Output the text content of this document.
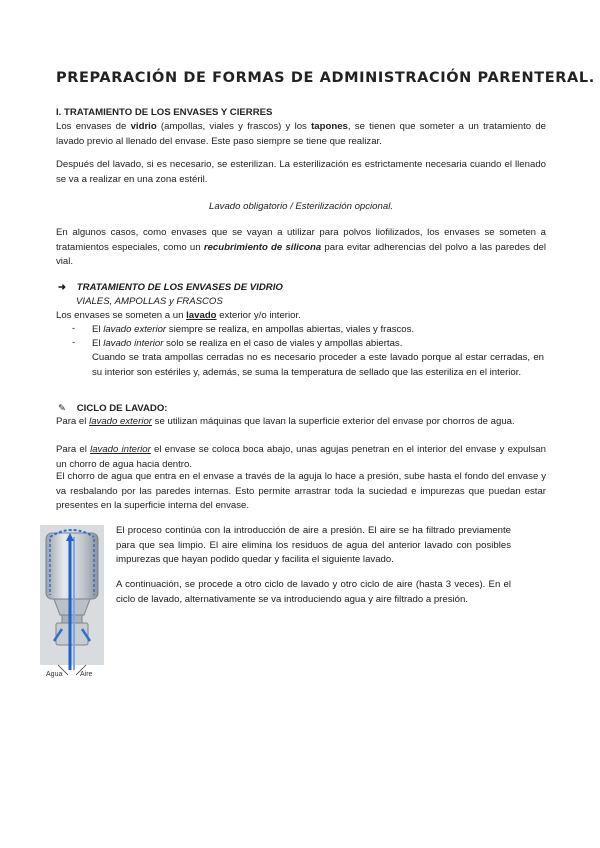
PREPARACIÓN DE FORMAS DE ADMINISTRACIÓN PARENTERAL.
I. TRATAMIENTO DE LOS ENVASES Y CIERRES
Los envases de vidrio (ampollas, viales y frascos) y los tapones, se tienen que someter a un tratamiento de lavado previo al llenado del envase. Este paso siempre se tiene que realizar.
Después del lavado, si es necesario, se esterilizan. La esterilización es estrictamente necesaria cuando el llenado se va a realizar en una zona estéril.
Lavado obligatorio / Esterilización opcional.
En algunos casos, como envases que se vayan a utilizar para polvos liofilizados, los envases se someten a tratamientos especiales, como un recubrimiento de silicona para evitar adherencias del polvo a las paredes del vial.
➜ TRATAMIENTO DE LOS ENVASES DE VIDRIO
VIALES, AMPOLLAS y FRASCOS
Los envases se someten a un lavado exterior y/o interior.
- El lavado exterior siempre se realiza, en ampollas abiertas, viales y frascos.
- El lavado interior solo se realiza en el caso de viales y ampollas abiertas.
Cuando se trata ampollas cerradas no es necesario proceder a este lavado porque al estar cerradas, en su interior son estériles y, además, se suma la temperatura de sellado que las esteriliza en el interior.
✎ CICLO DE LAVADO:
Para el lavado exterior se utilizan máquinas que lavan la superficie exterior del envase por chorros de agua.
Para el lavado interior el envase se coloca boca abajo, unas agujas penetran en el interior del envase y expulsan un chorro de agua hacia dentro.
El chorro de agua que entra en el envase a través de la aguja lo hace a presión, sube hasta el fondo del envase y va resbalando por las paredes internas. Esto permite arrastrar toda la suciedad e impurezas que puedan estar presentes en la superficie interna del envase.
Agua	Aire
El proceso continúa con la introducción de aire a presión. El aire se ha filtrado previamente para que sea limpio. El aire elimina los residuos de agua del anterior lavado con posibles impurezas que hayan podido quedar y facilita el siguiente lavado.
A continuación, se procede a otro ciclo de lavado y otro ciclo de aire (hasta 3 veces). En el ciclo de lavado, alternativamente se va introduciendo agua y aire filtrado a presión.
